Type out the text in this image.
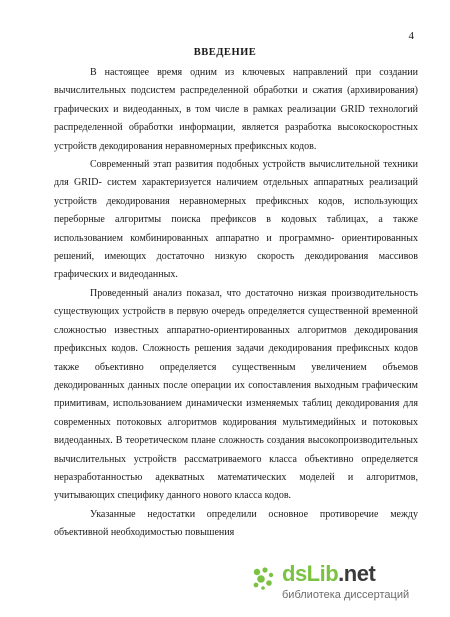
4
ВВЕДЕНИЕ

В настоящее время одним из ключевых направлений при создании вычислительных подсистем распределенной обработки и сжатия (архивирования) графических и видеоданных, в том числе в рамках реализации GRID технологий распределенной обработки информации, является разработка высокоскоростных устройств декодирования неравномерных префиксных кодов.

Современный этап развития подобных устройств вычислительной техники для GRID- систем характеризуется наличием отдельных аппаратных реализаций устройств декодирования неравномерных префиксных кодов, использующих переборные алгоритмы поиска префиксов в кодовых таблицах, а также использованием комбинированных аппаратно и программно- ориентированных решений, имеющих достаточно низкую скорость декодирования массивов графических и видеоданных.

Проведенный анализ показал, что достаточно низкая производительность существующих устройств в первую очередь определяется существенной временной сложностью известных аппаратно-ориентированных алгоритмов декодирования префиксных кодов. Сложность решения задачи декодирования префиксных кодов также объективно определяется существенным увеличением объемов декодированных данных после операции их сопоставления выходным графическим примитивам, использованием динамически изменяемых таблиц декодирования для современных потоковых алгоритмов кодирования мультимедийных и потоковых видеоданных. В теоретическом плане сложность создания высокопроизводительных вычислительных устройств рассматриваемого класса объективно определяется неразработанностью адекватных математических моделей и алгоритмов, учитывающих специфику данного нового класса кодов.

Указанные недостатки определили основное противоречие между объективной необходимостью повышения

dsLib.net
библиотека диссертаций
